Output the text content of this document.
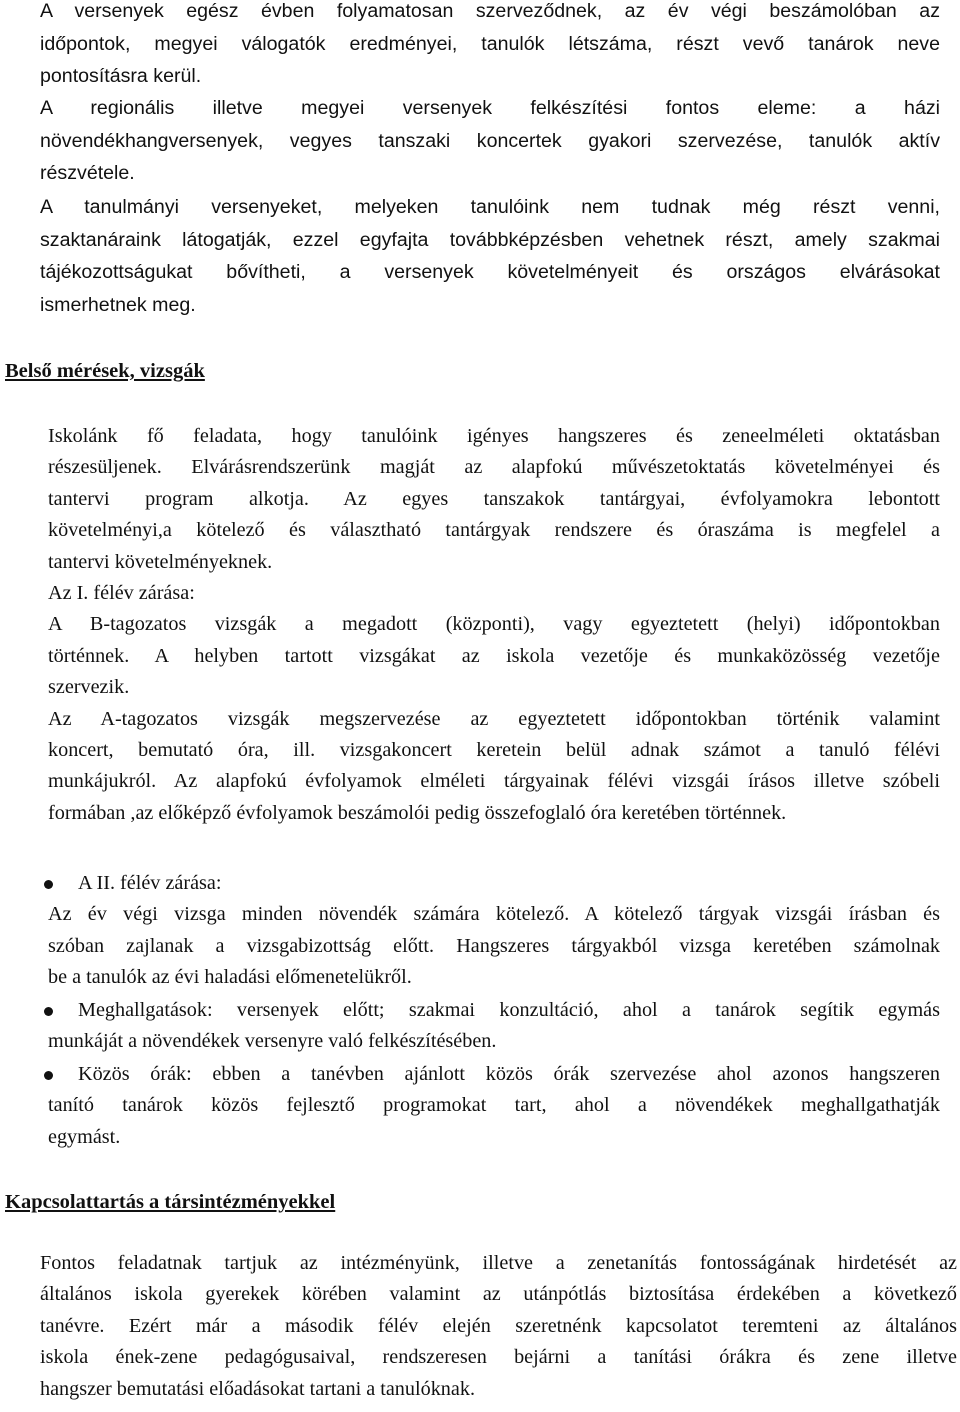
A versenyek egész évben folyamatosan szerveződnek, az év végi beszámolóban az
időpontok, megyei válogatók eredményei, tanulók létszáma, részt vevő tanárok neve
pontosításra kerül.
A regionális illetve megyei versenyek felkészítési fontos eleme: a házi
növendékhangversenyek, vegyes tanszaki koncertek gyakori szervezése, tanulók aktív
részvétele.
A tanulmányi versenyeket, melyeken tanulóink nem tudnak még részt venni,
szaktanáraink látogatják, ezzel egyfajta továbbképzésben vehetnek részt, amely szakmai
tájékozottságukat bővítheti, a versenyek követelményeit és országos elvárásokat
ismerhetnek meg.
Belső mérések, vizsgák
Iskolánk fő feladata, hogy tanulóink igényes hangszeres és zeneelméleti oktatásban
részesüljenek. Elvárásrendszerünk magját az alapfokú művészetoktatás követelményei és
tantervi program alkotja. Az egyes tanszakok tantárgyai, évfolyamokra lebontott
követelményi,a kötelező és választható tantárgyak rendszere és óraszáma is megfelel a
tantervi követelményeknek.
Az I. félév zárása:
A B-tagozatos vizsgák a megadott (központi), vagy egyeztetett (helyi) időpontokban
történnek. A helyben tartott vizsgákat az iskola vezetője és munkaközösség vezetője
szervezik.
Az A-tagozatos vizsgák megszervezése az egyeztetett időpontokban történik valamint
koncert, bemutató óra, ill. vizsgakoncert keretein belül adnak számot a tanuló félévi
munkájukról. Az alapfokú évfolyamok elméleti tárgyainak félévi vizsgái írásos illetve szóbeli
formában ,az előképző évfolyamok beszámolói pedig összefoglaló óra keretében történnek.
A II. félév zárása:
Az év végi vizsga minden növendék számára kötelező. A kötelező tárgyak vizsgái írásban és
szóban zajlanak a vizsgabizottság előtt. Hangszeres tárgyakból vizsga keretében számolnak
be a tanulók az évi haladási előmenetelükről.
Meghallgatások: versenyek előtt; szakmai konzultáció, ahol a tanárok segítik egymás
munkáját a növendékek versenyre való felkészítésében.
Közös órák: ebben a tanévben ajánlott közös órák szervezése ahol azonos hangszeren
tanító tanárok közös fejlesztő programokat tart, ahol a növendékek meghallgathatják
egymást.
Kapcsolattartás a társintézményekkel
Fontos feladatnak tartjuk az intézményünk, illetve a zenetanítás fontosságának hirdetését az
általános iskola gyerekek körében valamint az utánpótlás biztosítása érdekében a következő
tanévre. Ezért már a második félév elején szeretnénk kapcsolatot teremteni az általános
iskola ének-zene pedagógusaival, rendszeresen bejárni a tanítási órákra és zene illetve
hangszer bemutatási előadásokat tartani a tanulóknak.
